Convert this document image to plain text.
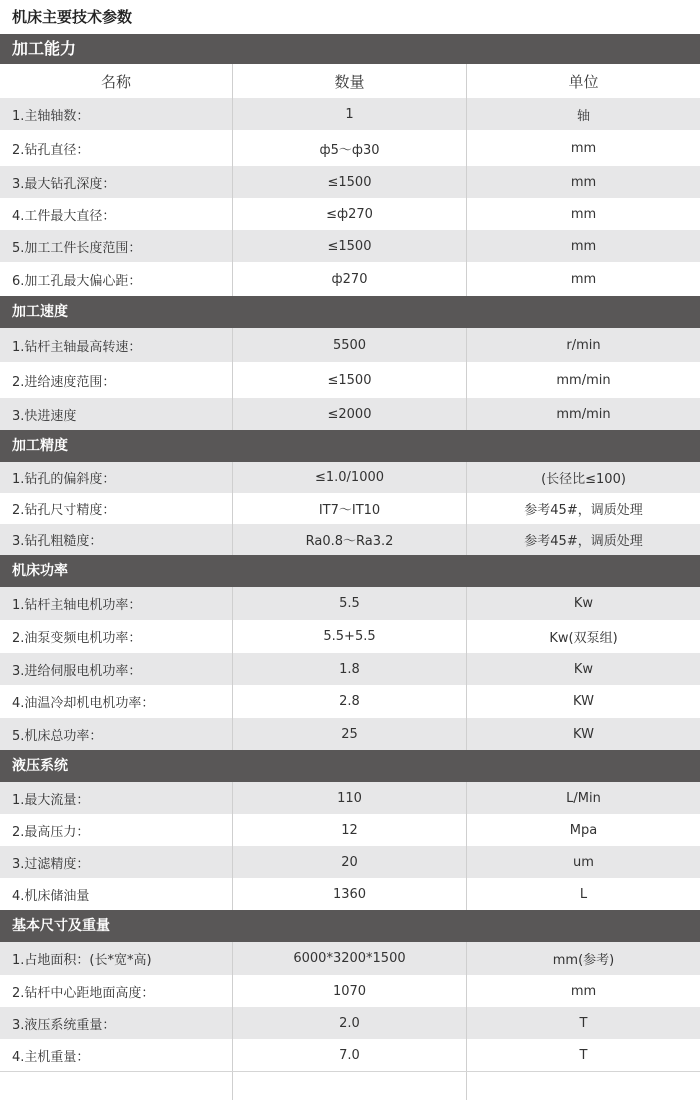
机床主要技术参数
加工能力
名称	数量	单位
1.主轴轴数：	1	轴
2.钻孔直径：	ф5～ф30	mm
3.最大钻孔深度：	≤1500	mm
4.工件最大直径：	≤ф270	mm
5.加工工件长度范围：	≤1500	mm
6.加工孔最大偏心距：	ф270	mm
加工速度
1.钻杆主轴最高转速：	5500	r/min
2.进给速度范围：	≤1500	mm/min
3.快进速度	≤2000	mm/min
加工精度
1.钻孔的偏斜度：	≤1.0/1000	(长径比≤100)
2.钻孔尺寸精度：	IT7～IT10	参考45#，调质处理
3.钻孔粗糙度：	Ra0.8～Ra3.2	参考45#，调质处理
机床功率
1.钻杆主轴电机功率：	5.5	Kw
2.油泵变频电机功率：	5.5+5.5	Kw(双泵组)
3.进给伺服电机功率：	1.8	Kw
4.油温冷却机电机功率：	2.8	KW
5.机床总功率：	25	KW
液压系统
1.最大流量：	110	L/Min
2.最高压力：	12	Mpa
3.过滤精度：	20	um
4.机床储油量	1360	L
基本尺寸及重量
1.占地面积：(长*宽*高)	6000*3200*1500	mm(参考)
2.钻杆中心距地面高度：	1070	mm
3.液压系统重量：	2.0	T
4.主机重量：	7.0	T
